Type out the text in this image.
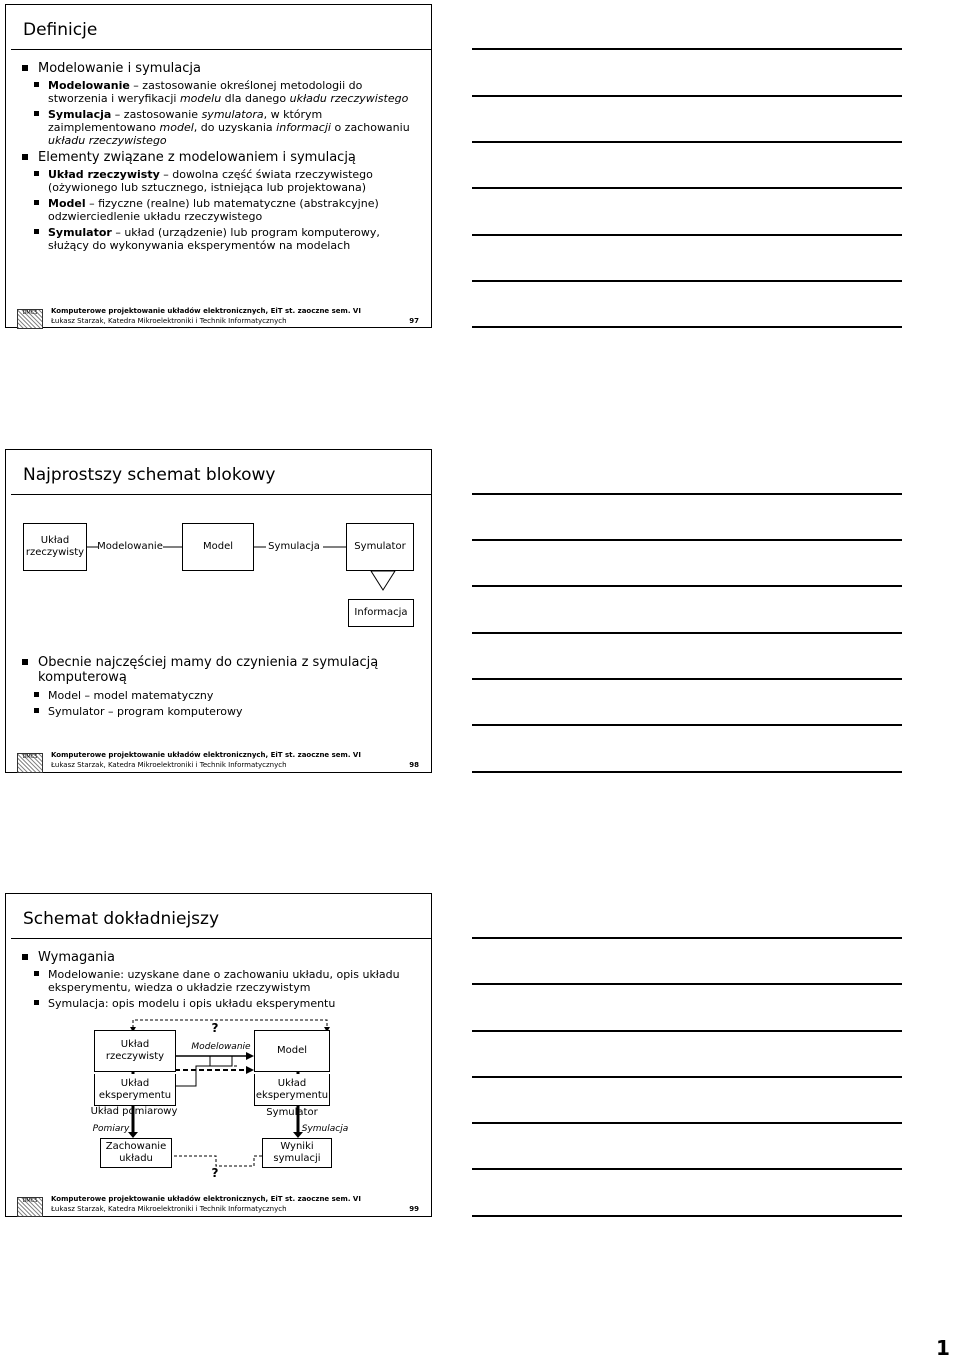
Definicje
Modelowanie i symulacja
Modelowanie – zastosowanie określonej metodologii do stworzenia i weryfikacji modelu dla danego układu rzeczywistego
Symulacja – zastosowanie symulatora, w którym zaimplementowano model, do uzyskania informacji o zachowaniu układu rzeczywistego
Elementy związane z modelowaniem i symulacją
Układ rzeczywisty – dowolna część świata rzeczywistego (ożywionego lub sztucznego, istniejąca lub projektowana)
Model – fizyczne (realne) lub matematyczne (abstrakcyjne) odzwierciedlenie układu rzeczywistego
Symulator – układ (urządzenie) lub program komputerowy, służący do wykonywania eksperymentów na modelach
DMCS	Komputerowe projektowanie układów elektronicznych, EiT st. zaoczne sem. VI
Łukasz Starzak, Katedra Mikroelektroniki i Technik Informatycznych	97
Najprostszy schemat blokowy
Układ rzeczywisty
Modelowanie	Model	Symulacja	Symulator
Informacja
Obecnie najczęściej mamy do czynienia z symulacją komputerową
Model – model matematyczny
Symulator – program komputerowy
DMCS	Komputerowe projektowanie układów elektronicznych, EiT st. zaoczne sem. VI
Łukasz Starzak, Katedra Mikroelektroniki i Technik Informatycznych	98
Schemat dokładniejszy
Wymagania
Modelowanie: uzyskane dane o zachowaniu układu, opis układu eksperymentu, wiedza o układzie rzeczywistym
Symulacja: opis modelu i opis układu eksperymentu
?
Układ rzeczywisty
Modelowanie	Model
Układ eksperymentu
Układ eksperymentu
Układ pomiarowy	Symulator
Pomiary	Symulacja
Zachowanie układu
Wyniki symulacji
?
DMCS	Komputerowe projektowanie układów elektronicznych, EiT st. zaoczne sem. VI
Łukasz Starzak, Katedra Mikroelektroniki i Technik Informatycznych	99
1
